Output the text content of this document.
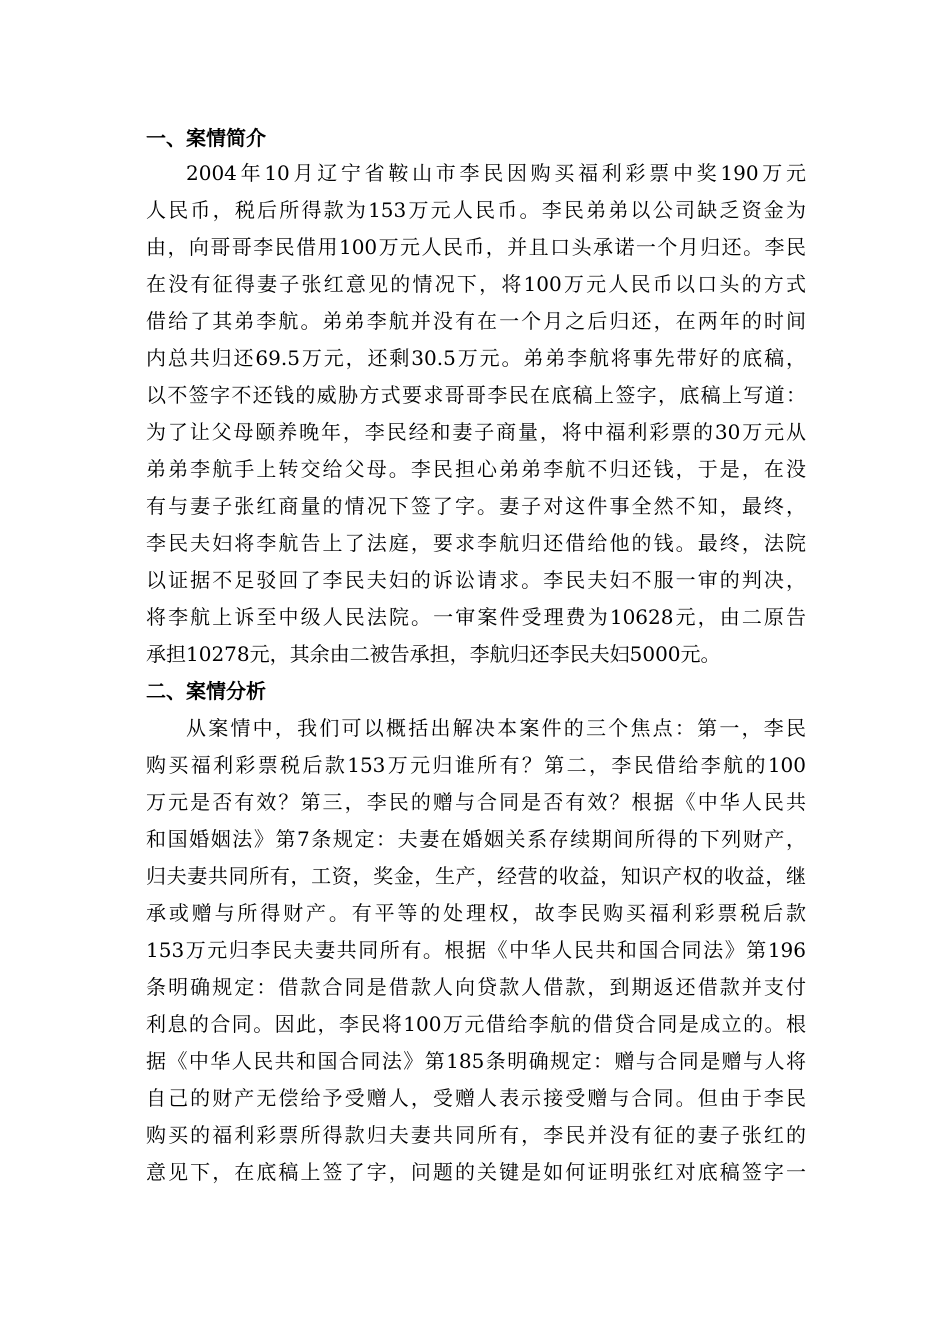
一、案情简介
2004年10月辽宁省鞍山市李民因购买福利彩票中奖190万元
人民币，税后所得款为153万元人民币。李民弟弟以公司缺乏资金为
由，向哥哥李民借用100万元人民币，并且口头承诺一个月归还。李民
在没有征得妻子张红意见的情况下，将100万元人民币以口头的方式
借给了其弟李航。弟弟李航并没有在一个月之后归还，在两年的时间
内总共归还69.5万元，还剩30.5万元。弟弟李航将事先带好的底稿，
以不签字不还钱的威胁方式要求哥哥李民在底稿上签字，底稿上写道：
为了让父母颐养晚年，李民经和妻子商量，将中福利彩票的30万元从
弟弟李航手上转交给父母。李民担心弟弟李航不归还钱，于是，在没
有与妻子张红商量的情况下签了字。妻子对这件事全然不知，最终，
李民夫妇将李航告上了法庭，要求李航归还借给他的钱。最终，法院
以证据不足驳回了李民夫妇的诉讼请求。李民夫妇不服一审的判决，
将李航上诉至中级人民法院。一审案件受理费为10628元，由二原告
承担10278元，其余由二被告承担，李航归还李民夫妇5000元。
二、案情分析
从案情中，我们可以概括出解决本案件的三个焦点：第一，李民
购买福利彩票税后款153万元归谁所有？第二，李民借给李航的100
万元是否有效？第三，李民的赠与合同是否有效？根据《中华人民共
和国婚姻法》第7条规定：夫妻在婚姻关系存续期间所得的下列财产，
归夫妻共同所有，工资，奖金，生产，经营的收益，知识产权的收益，继
承或赠与所得财产。有平等的处理权，故李民购买福利彩票税后款
153万元归李民夫妻共同所有。根据《中华人民共和国合同法》第196
条明确规定：借款合同是借款人向贷款人借款，到期返还借款并支付
利息的合同。因此，李民将100万元借给李航的借贷合同是成立的。根
据《中华人民共和国合同法》第185条明确规定：赠与合同是赠与人将
自己的财产无偿给予受赠人，受赠人表示接受赠与合同。但由于李民
购买的福利彩票所得款归夫妻共同所有，李民并没有征的妻子张红的
意见下，在底稿上签了字，问题的关键是如何证明张红对底稿签字一
